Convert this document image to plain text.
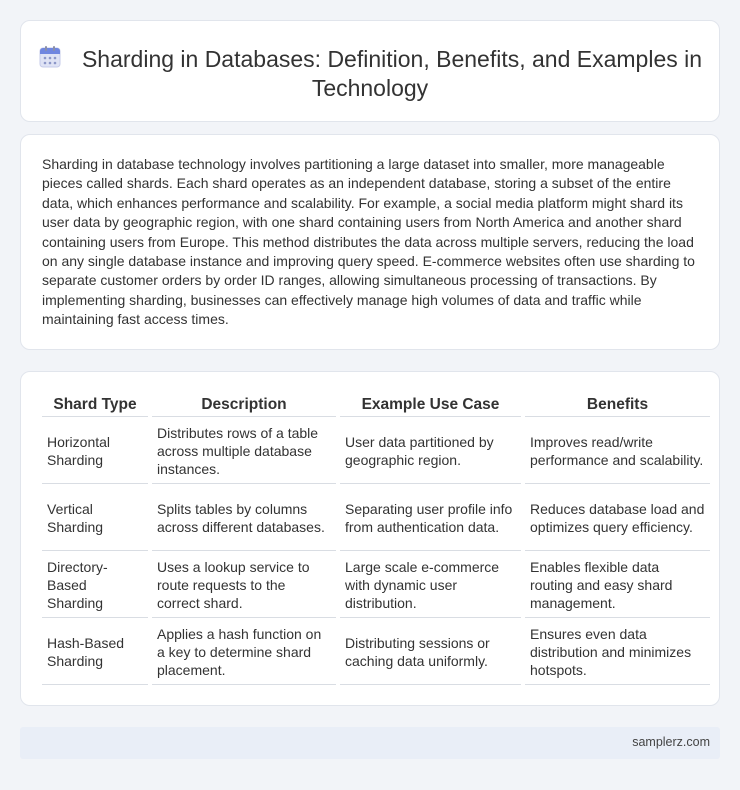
Sharding in Databases: Definition, Benefits, and Examples in Technology

Sharding in database technology involves partitioning a large dataset into smaller, more manageable pieces called shards. Each shard operates as an independent database, storing a subset of the entire data, which enhances performance and scalability. For example, a social media platform might shard its user data by geographic region, with one shard containing users from North America and another shard containing users from Europe. This method distributes the data across multiple servers, reducing the load on any single database instance and improving query speed. E-commerce websites often use sharding to separate customer orders by order ID ranges, allowing simultaneous processing of transactions. By implementing sharding, businesses can effectively manage high volumes of data and traffic while maintaining fast access times.

Shard Type	Description	Example Use Case	Benefits
Horizontal Sharding	Distributes rows of a table across multiple database instances.	User data partitioned by geographic region.	Improves read/write performance and scalability.
Vertical Sharding	Splits tables by columns across different databases.	Separating user profile info from authentication data.	Reduces database load and optimizes query efficiency.
Directory-Based Sharding	Uses a lookup service to route requests to the correct shard.	Large scale e-commerce with dynamic user distribution.	Enables flexible data routing and easy shard management.
Hash-Based Sharding	Applies a hash function on a key to determine shard placement.	Distributing sessions or caching data uniformly.	Ensures even data distribution and minimizes hotspots.
samplerz.com
